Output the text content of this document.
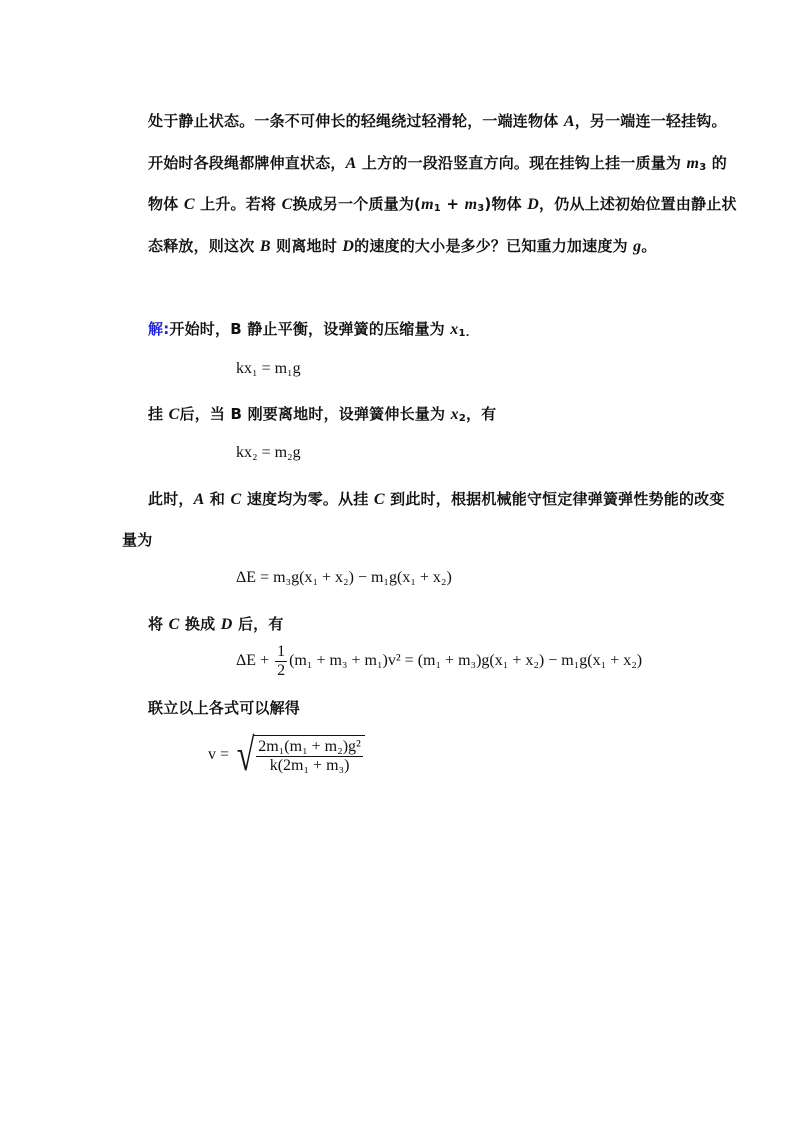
处于静止状态。一条不可伸长的轻绳绕过轻滑轮，一端连物体 A，另一端连一轻挂钩。
开始时各段绳都牌伸直状态，A 上方的一段沿竖直方向。现在挂钩上挂一质量为 $m_3$ 的
物体 C 上升。若将 C换成另一个质量为$(m_1 + m_3)$物体 D，仍从上述初始位置由静止状
态释放，则这次 B 则离地时 D的速度的大小是多少？已知重力加速度为 g。
解:开始时，B 静止平衡，设弹簧的压缩量为 $x_{1.}$
kx₁ = m₁g
挂 C后，当 B 刚要离地时，设弹簧伸长量为 $x_2$，有
kx₂ = m₂g
此时，A 和 C 速度均为零。从挂 C 到此时，根据机械能守恒定律弹簧弹性势能的改变
量为
ΔE = m₃g(x₁ + x₂) − m₁g(x₁ + x₂)
将 C 换成 D 后，有
$\Delta E + \frac{1}{2} (m_1 + m_3 + m_1)v^2 = (m_1 + m_3)g(x_1 + x_2) - m_1g(x_1 + x_2)$
联立以上各式可以解得
v = √ $\frac{\text{2m₁(m₁ + m₂)g²}}{\text{k(2m₁ + m₃)}}$
